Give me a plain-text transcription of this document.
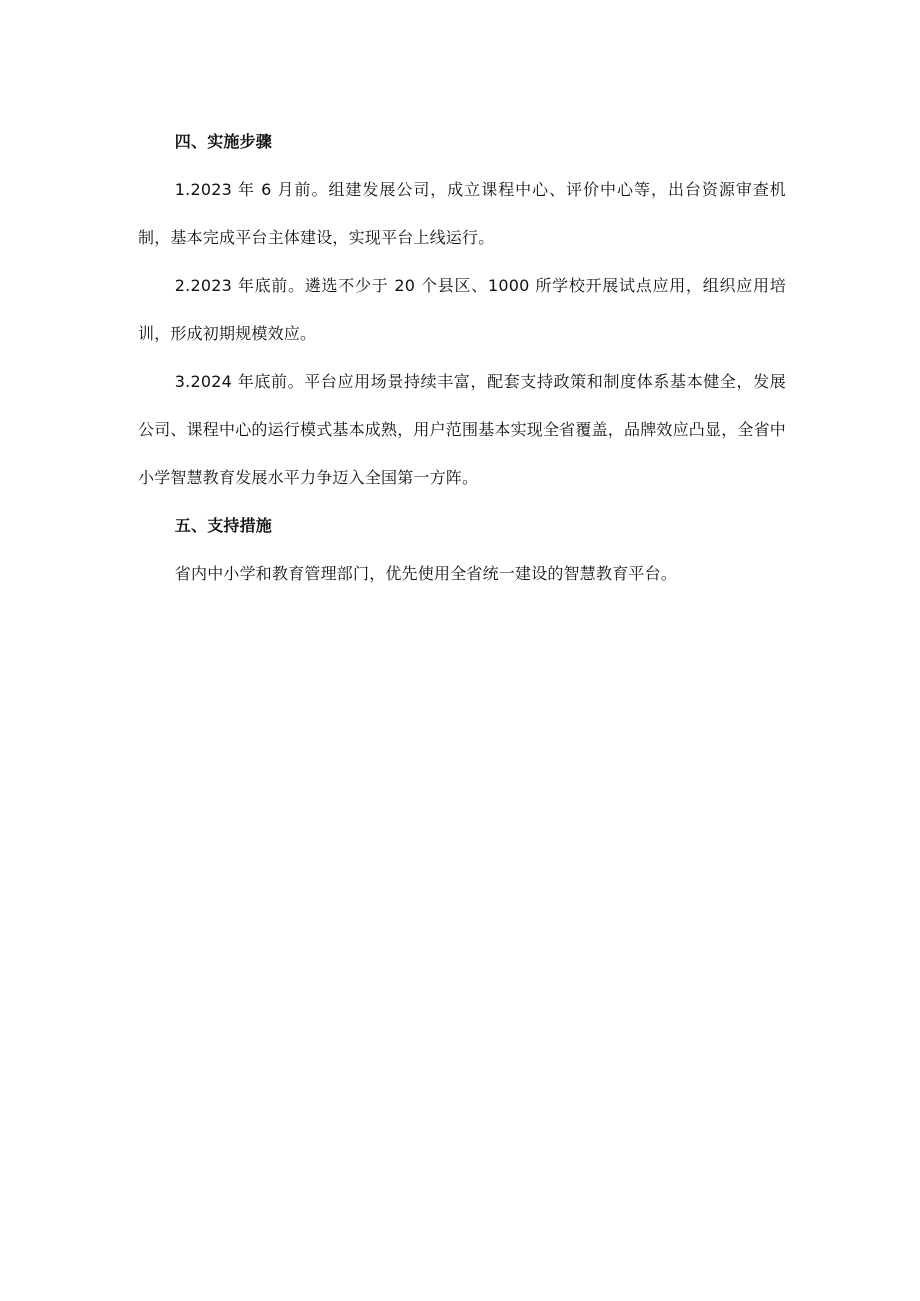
四、实施步骤

1.2023 年 6 月前。组建发展公司，成立课程中心、评价中心等，出台资源审查机制，基本完成平台主体建设，实现平台上线运行。

2.2023 年底前。遴选不少于 20 个县区、1000 所学校开展试点应用，组织应用培训，形成初期规模效应。

3.2024 年底前。平台应用场景持续丰富，配套支持政策和制度体系基本健全，发展公司、课程中心的运行模式基本成熟，用户范围基本实现全省覆盖，品牌效应凸显，全省中小学智慧教育发展水平力争迈入全国第一方阵。

五、支持措施

省内中小学和教育管理部门，优先使用全省统一建设的智慧教育平台。
